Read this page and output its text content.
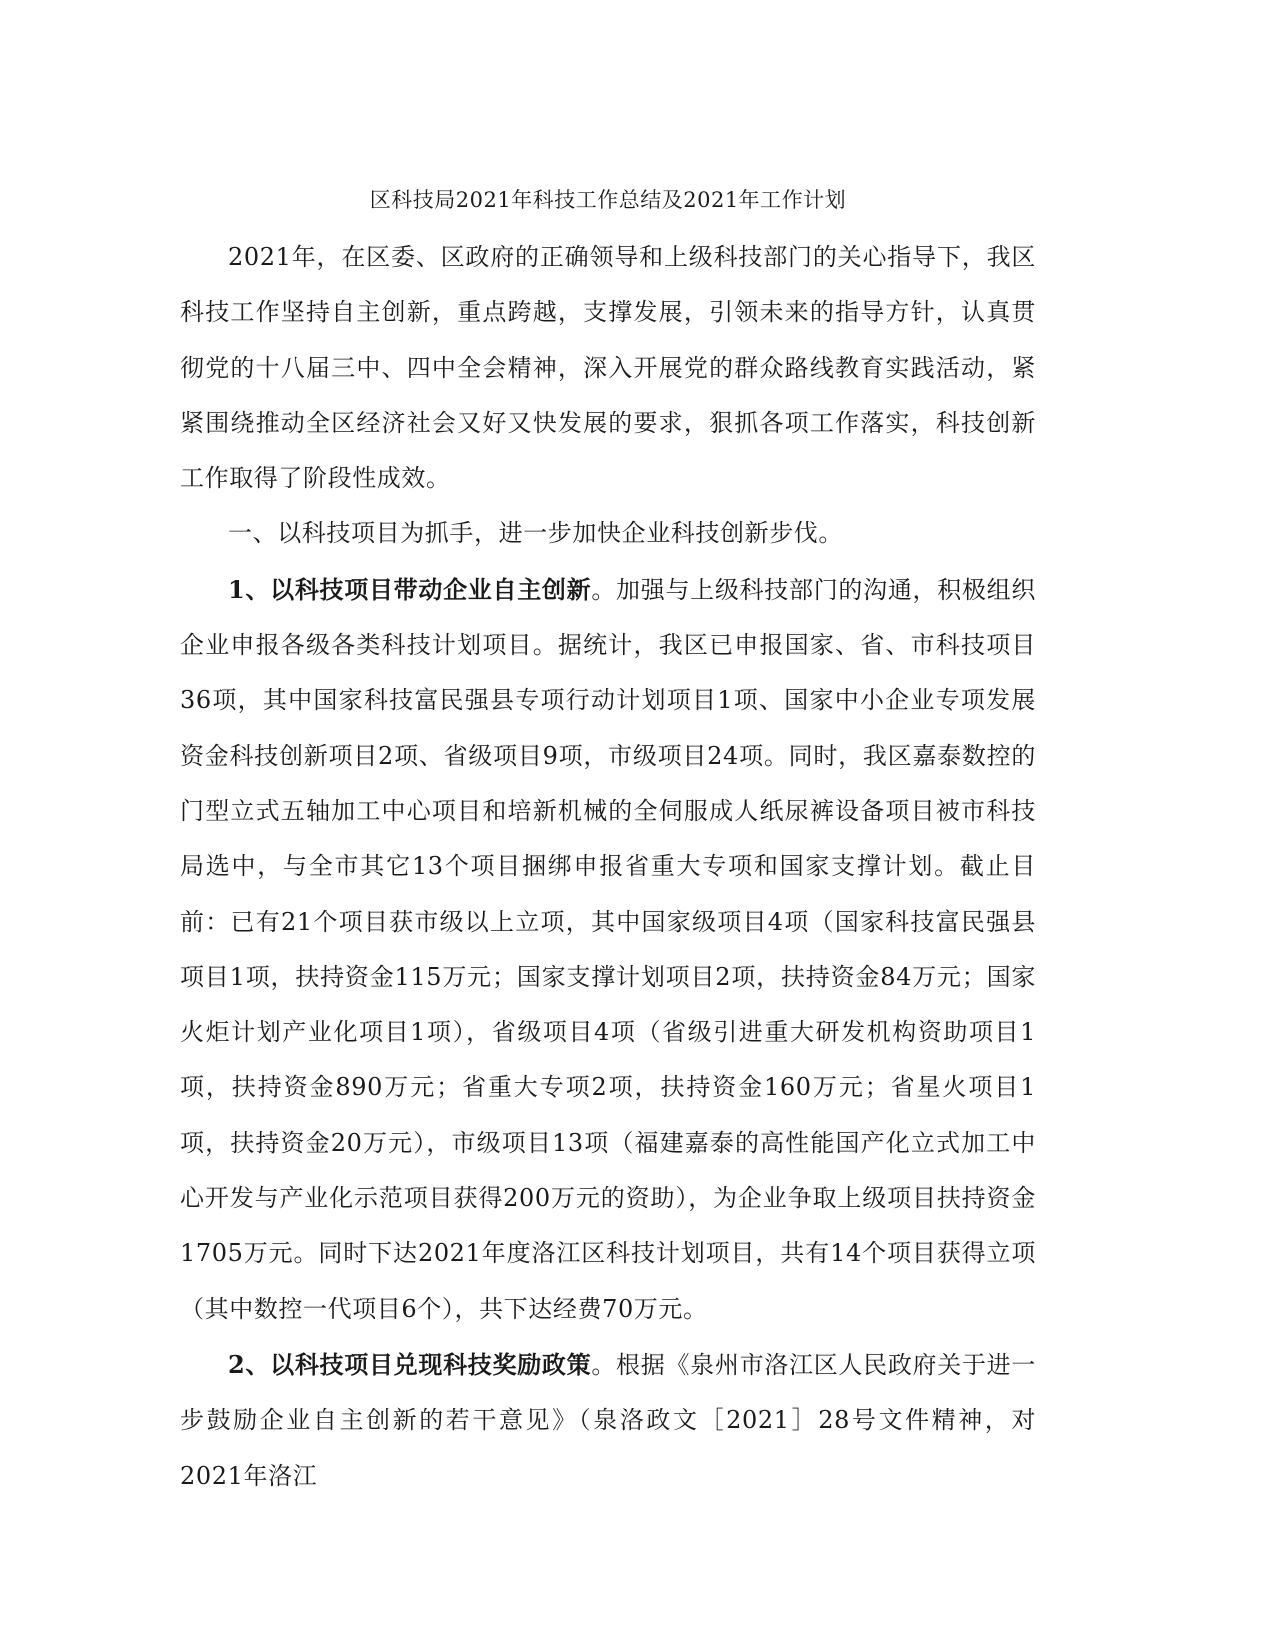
区科技局2021年科技工作总结及2021年工作计划

2021年，在区委、区政府的正确领导和上级科技部门的关心指导下，我区科技工作坚持自主创新，重点跨越，支撑发展，引领未来的指导方针，认真贯彻党的十八届三中、四中全会精神，深入开展党的群众路线教育实践活动，紧紧围绕推动全区经济社会又好又快发展的要求，狠抓各项工作落实，科技创新工作取得了阶段性成效。

一、以科技项目为抓手，进一步加快企业科技创新步伐。

1、以科技项目带动企业自主创新。加强与上级科技部门的沟通，积极组织企业申报各级各类科技计划项目。据统计，我区已申报国家、省、市科技项目36项，其中国家科技富民强县专项行动计划项目1项、国家中小企业专项发展资金科技创新项目2项、省级项目9项，市级项目24项。同时，我区嘉泰数控的门型立式五轴加工中心项目和培新机械的全伺服成人纸尿裤设备项目被市科技局选中，与全市其它13个项目捆绑申报省重大专项和国家支撑计划。截止目前：已有21个项目获市级以上立项，其中国家级项目4项（国家科技富民强县项目1项，扶持资金115万元；国家支撑计划项目2项，扶持资金84万元；国家火炬计划产业化项目1项），省级项目4项（省级引进重大研发机构资助项目1项，扶持资金890万元；省重大专项2项，扶持资金160万元；省星火项目1项，扶持资金20万元），市级项目13项（福建嘉泰的高性能国产化立式加工中心开发与产业化示范项目获得200万元的资助），为企业争取上级项目扶持资金1705万元。同时下达2021年度洛江区科技计划项目，共有14个项目获得立项（其中数控一代项目6个），共下达经费70万元。

2、以科技项目兑现科技奖励政策。根据《泉州市洛江区人民政府关于进一步鼓励企业自主创新的若干意见》（泉洛政文［2021］28号文件精神，对2021年洛江
